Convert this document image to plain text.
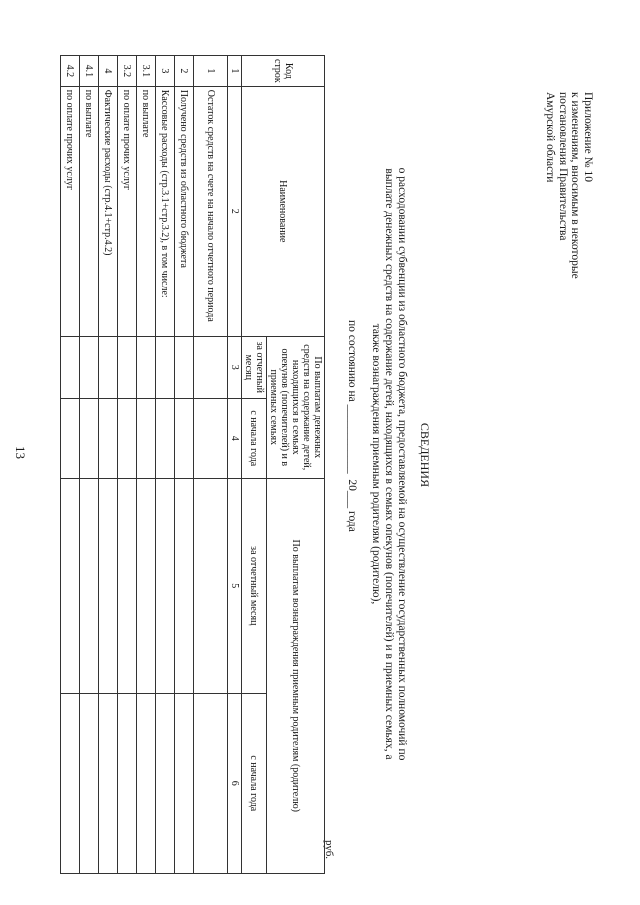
13
Приложение № 10
к изменениям, вносимым в некоторые
постановления Правительства
Амурской области
СВЕДЕНИЯ
о расходовании субвенции из областного бюджета, предоставляемой на осуществление государственных полномочий по выплате денежных средств на содержание детей, находящихся в семьях опекунов (попечителей) и в приемных семьях, а также вознаграждения приемным родителям (родителю),
по состоянию на ____________  20___ года
руб.
Код строк	Наименование	По выплатам денежных средств на содержание детей, находящихся в семьях опекунов (попечителей) и в приемных семьях		По выплатам вознаграждения приемным родителям (родителю)	
		за отчетный месяц	с начала года	за отчетный месяц	с начала года
1	2	3	4	5	6
1	Остаток средств на счете на начало отчетного периода				
2	Получено средств из областного бюджета				
3	Кассовые расходы (стр.3.1+стр.3.2), в том числе:				
3.1	по выплате				
3.2	по оплате прочих услуг				
4	Фактические расходы (стр.4.1+стр.4.2)				
4.1	по выплате				
4.2	по оплате прочих услуг				
